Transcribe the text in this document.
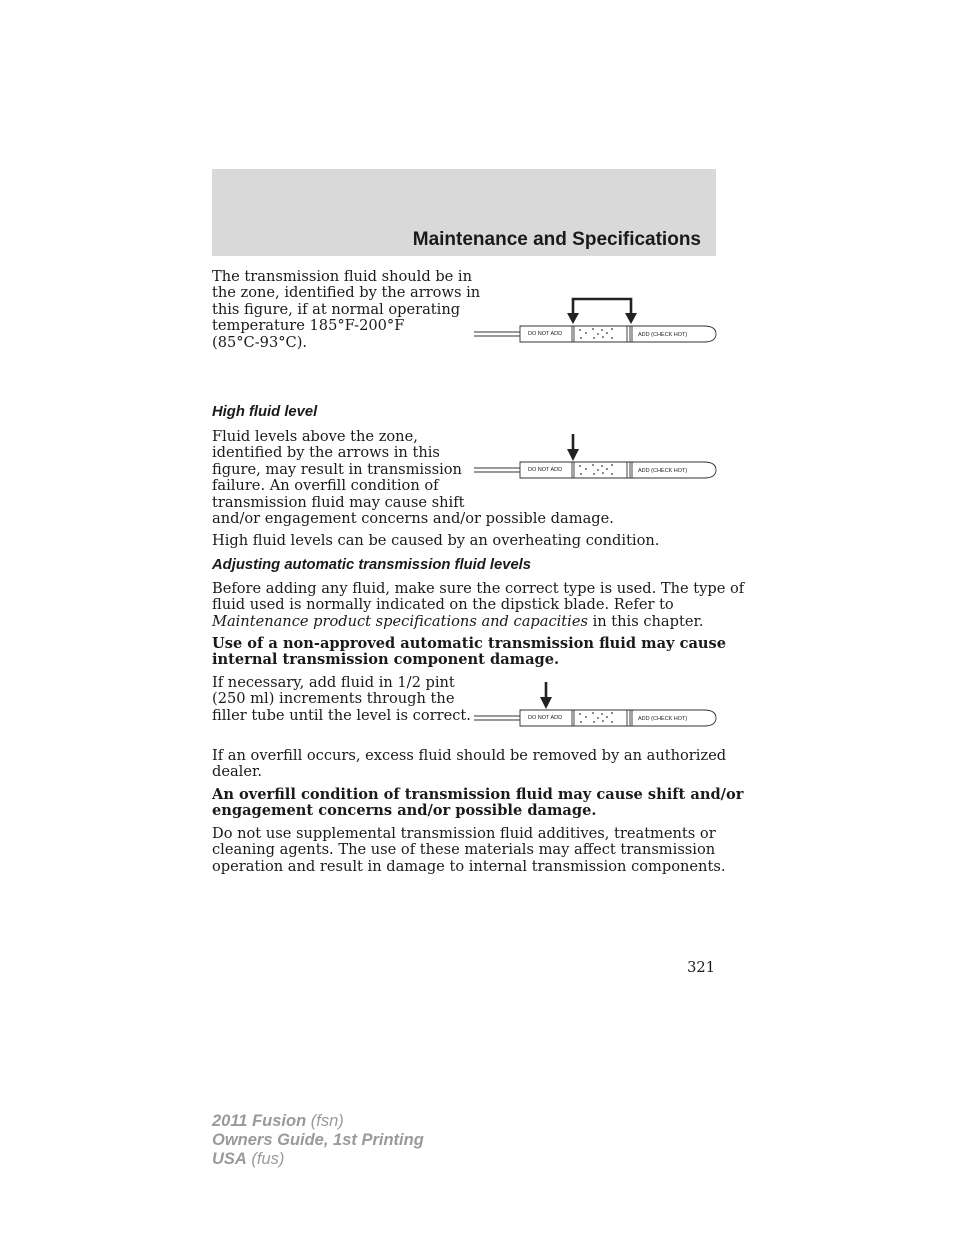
Maintenance and Specifications
The transmission fluid should be in
the zone, identified by the arrows in
this figure, if at normal operating
temperature 185°F-200°F
(85°C-93°C).	DO NOT ADD	ADD (CHECK HOT)
High fluid level
Fluid levels above the zone,
identified by the arrows in this
figure, may result in transmission
failure. An overfill condition of
transmission fluid may cause shift
and/or engagement concerns and/or possible damage.
DO NOT ADD	ADD (CHECK HOT)
High fluid levels can be caused by an overheating condition.
Adjusting automatic transmission fluid levels
Before adding any fluid, make sure the correct type is used. The type of
fluid used is normally indicated on the dipstick blade. Refer to
Maintenance product specifications and capacities in this chapter.
Use of a non-approved automatic transmission fluid may cause
internal transmission component damage.
If necessary, add fluid in 1/2 pint
(250 ml) increments through the
filler tube until the level is correct.	DO NOT ADD	ADD (CHECK HOT)
If an overfill occurs, excess fluid should be removed by an authorized
dealer.
An overfill condition of transmission fluid may cause shift and/or
engagement concerns and/or possible damage.
Do not use supplemental transmission fluid additives, treatments or
cleaning agents. The use of these materials may affect transmission
operation and result in damage to internal transmission components.
321
2011 Fusion (fsn)
Owners Guide, 1st Printing
USA (fus)
